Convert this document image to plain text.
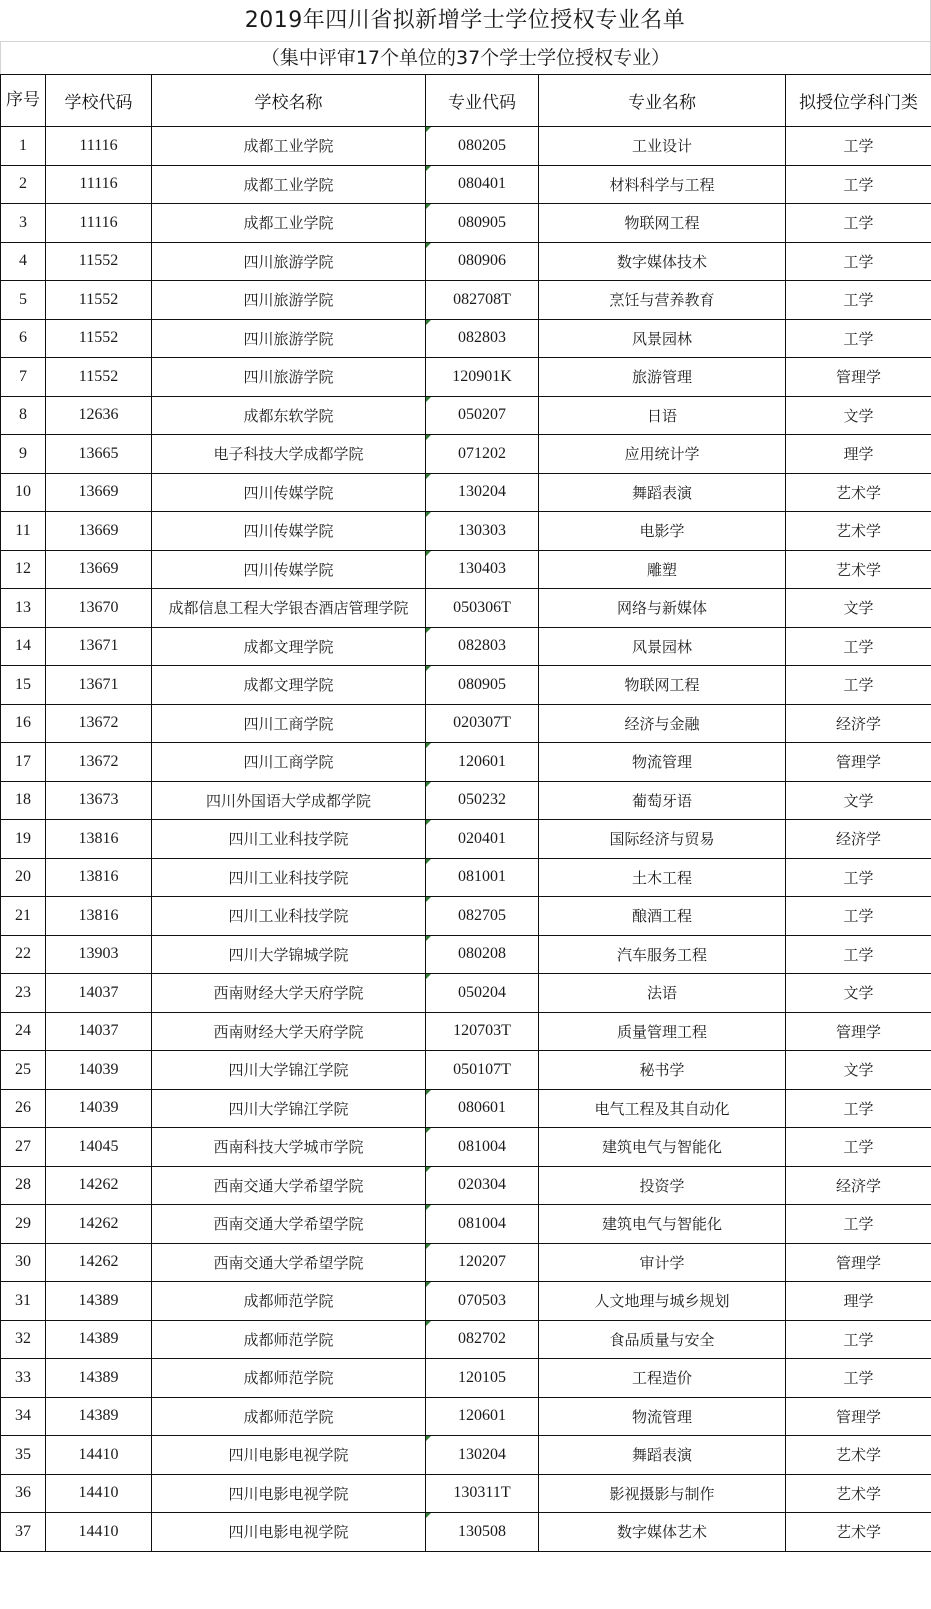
2019年四川省拟新增学士学位授权专业名单
（集中评审17个单位的37个学士学位授权专业）
序号	学校代码	学校名称	专业代码	专业名称	拟授位学科门类
1	11116	成都工业学院	080205	工业设计	工学
2	11116	成都工业学院	080401	材料科学与工程	工学
3	11116	成都工业学院	080905	物联网工程	工学
4	11552	四川旅游学院	080906	数字媒体技术	工学
5	11552	四川旅游学院	082708T	烹饪与营养教育	工学
6	11552	四川旅游学院	082803	风景园林	工学
7	11552	四川旅游学院	120901K	旅游管理	管理学
8	12636	成都东软学院	050207	日语	文学
9	13665	电子科技大学成都学院	071202	应用统计学	理学
10	13669	四川传媒学院	130204	舞蹈表演	艺术学
11	13669	四川传媒学院	130303	电影学	艺术学
12	13669	四川传媒学院	130403	雕塑	艺术学
13	13670	成都信息工程大学银杏酒店管理学院	050306T	网络与新媒体	文学
14	13671	成都文理学院	082803	风景园林	工学
15	13671	成都文理学院	080905	物联网工程	工学
16	13672	四川工商学院	020307T	经济与金融	经济学
17	13672	四川工商学院	120601	物流管理	管理学
18	13673	四川外国语大学成都学院	050232	葡萄牙语	文学
19	13816	四川工业科技学院	020401	国际经济与贸易	经济学
20	13816	四川工业科技学院	081001	土木工程	工学
21	13816	四川工业科技学院	082705	酿酒工程	工学
22	13903	四川大学锦城学院	080208	汽车服务工程	工学
23	14037	西南财经大学天府学院	050204	法语	文学
24	14037	西南财经大学天府学院	120703T	质量管理工程	管理学
25	14039	四川大学锦江学院	050107T	秘书学	文学
26	14039	四川大学锦江学院	080601	电气工程及其自动化	工学
27	14045	西南科技大学城市学院	081004	建筑电气与智能化	工学
28	14262	西南交通大学希望学院	020304	投资学	经济学
29	14262	西南交通大学希望学院	081004	建筑电气与智能化	工学
30	14262	西南交通大学希望学院	120207	审计学	管理学
31	14389	成都师范学院	070503	人文地理与城乡规划	理学
32	14389	成都师范学院	082702	食品质量与安全	工学
33	14389	成都师范学院	120105	工程造价	工学
34	14389	成都师范学院	120601	物流管理	管理学
35	14410	四川电影电视学院	130204	舞蹈表演	艺术学
36	14410	四川电影电视学院	130311T	影视摄影与制作	艺术学
37	14410	四川电影电视学院	130508	数字媒体艺术	艺术学
